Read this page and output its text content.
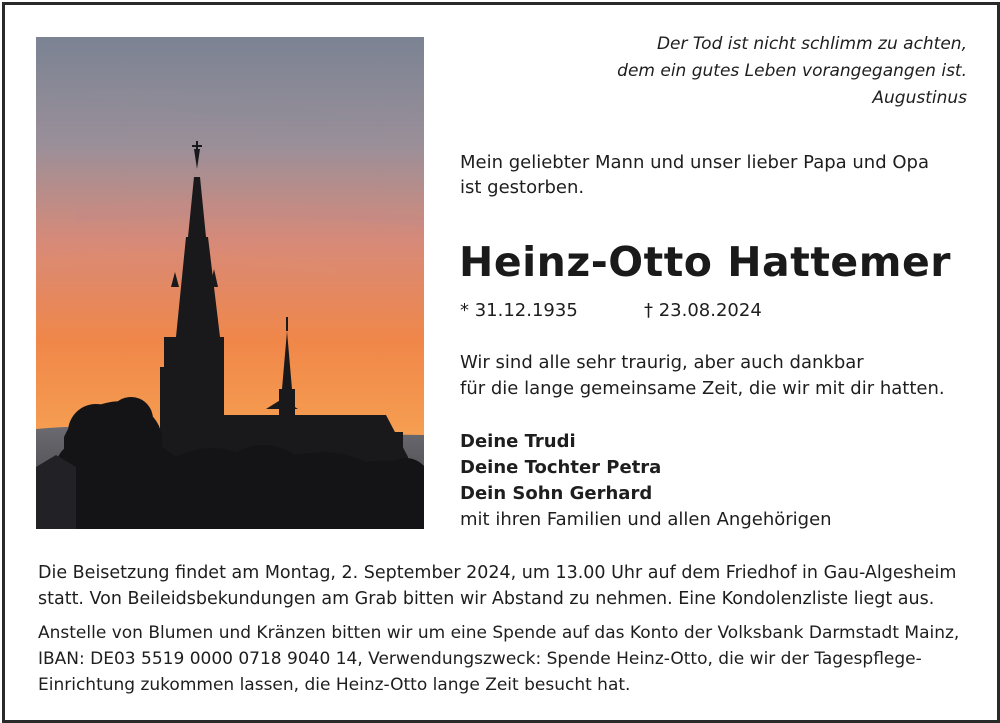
Der Tod ist nicht schlimm zu achten,
dem ein gutes Leben vorangegangen ist.
Augustinus
Mein geliebter Mann und unser lieber Papa und Opa
ist gestorben.
Heinz-Otto Hattemer
* 31.12.1935	† 23.08.2024
Wir sind alle sehr traurig, aber auch dankbar
für die lange gemeinsame Zeit, die wir mit dir hatten.
Deine Trudi
Deine Tochter Petra
Dein Sohn Gerhard
mit ihren Familien und allen Angehörigen
Die Beisetzung findet am Montag, 2. September 2024, um 13.00 Uhr auf dem Friedhof in Gau-Algesheim
statt. Von Beileidsbekundungen am Grab bitten wir Abstand zu nehmen. Eine Kondolenzliste liegt aus.
Anstelle von Blumen und Kränzen bitten wir um eine Spende auf das Konto der Volksbank Darmstadt Mainz,
IBAN: DE03 5519 0000 0718 9040 14, Verwendungszweck: Spende Heinz-Otto, die wir der Tagespflege-
Einrichtung zukommen lassen, die Heinz-Otto lange Zeit besucht hat.
